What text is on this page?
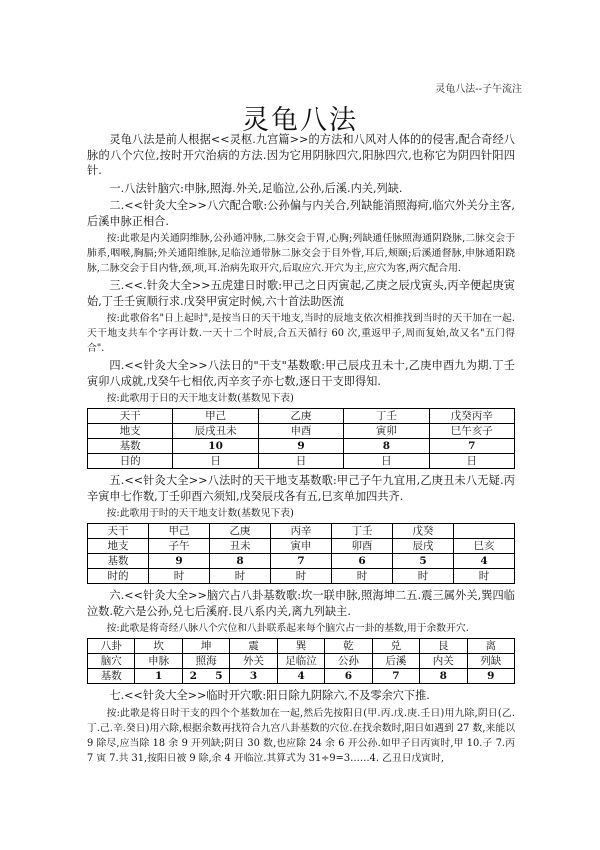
灵龟八法--子午流注
灵龟八法

灵龟八法是前人根据<<灵枢.九宫篇>>的方法和八风对人体的的侵害,配合奇经八脉的八个穴位,按时开穴治病的方法.因为它用阴脉四穴,阳脉四穴,也称它为阴四针阳四针.

一.八法针脑穴:申脉,照海.外关,足临泣,公孙,后溪.内关,列缺.

二.<<针灸大全>>八穴配合歌:公孙偏与内关合,列缺能消照海疴,临穴外关分主客,后溪申脉正相合.

按:此歌是内关通阴维脉,公孙通冲脉,二脉交会于胃,心胸;列缺通任脉照海通阴跷脉,二脉交会于肺系,咽喉,胸膈;外关通阳维脉,足临泣通带脉二脉交会于目外眥,耳后,颊颐;后溪通督脉,申脉通阳跷脉,二脉交会于目内眥,颈,项,耳.治病先取开穴,后取应穴.开穴为主,应穴为客,两穴配合用.

三.<<.针灸大全>>五虎建日时歌:甲己之日丙寅起,乙庚之辰戊寅头,丙辛便起庚寅始,丁壬壬寅顺行求.戊癸甲寅定时候,六十首法助医流

按:此歌俗名"日上起时",是按当日的天干地支,当时的辰地支依次相推找到当时的天干加在一起.天干地支共车个字再计数.一天十二个时辰,合五天循行 60 次,重返甲子,周而复始,故又名"五门得合".

四.<<针灸大全>>八法日的"干支"基数歌:甲己辰戌丑未十,乙庚申酉九为期.丁壬寅卯八成就,戊癸午七相依,丙辛亥子亦七数,逐日干支即得知.

按:此歌用于日的天干地支计数(基数见下表)

天干	甲己	乙庚	丁壬	戊癸丙辛
地支	辰戌丑未	申酉	寅卯	巳午亥子
基数	10	9	8	7
日的	日	日	日	日

五.<<针灸大全>>八法时的天干地支基数歌:甲己子午九宜用,乙庚丑未八无疑.丙辛寅申七作数,丁壬卯酉六须知,戊癸辰戌各有五,巳亥单加四共齐.

按:此歌用于时的天干地支计数(基数见下表)

天干	甲己	乙庚	丙辛	丁壬	戊癸	
地支	子午	丑未	寅申	卯酉	辰戌	巳亥
基数	9	8	7	6	5	4
时的	时	时	时	时	时	时

六.<<针灸大全>>脑穴占八卦基数歌:坎一联申脉,照海坤二五.震三属外关,巽四临泣数.乾六是公孙,兑七后溪府.艮八系内关,离九列缺主.

按:此歌是将奇经八脉八个穴位和八卦联系起来每个脑穴占一卦的基数,用于余数开穴.

八卦	坎	坤	震	巽	乾	兑	艮	离
脑穴	申脉	照海	外关	足临泣	公孙	后溪	内关	列缺
基数	1	2 5	3	4	6	7	8	9

七.<<针灸大全>>临时开穴歌:阳日除九阴除六,不及零余穴下推.

按:此歌是将日时干支的四个个基数加在一起,然后先按阳日(甲.丙.戊.庚.壬日)用九除,阴日(乙.丁.己.辛.癸日)用六除,根据余数再找符合九宫八卦基数的穴位.在找余数时,阳日如遇到 27 数,来能以 9 除尽,应当除 18 余 9 开列缺;阴日 30 数,也应除 24 余 6 开公孙.如甲子日丙寅时,甲 10.子 7.丙 7 寅 7.共 31,按阳日被 9 除,余 4 开临泣.其算式为 31÷9=3……4. 乙丑日戊寅时,
